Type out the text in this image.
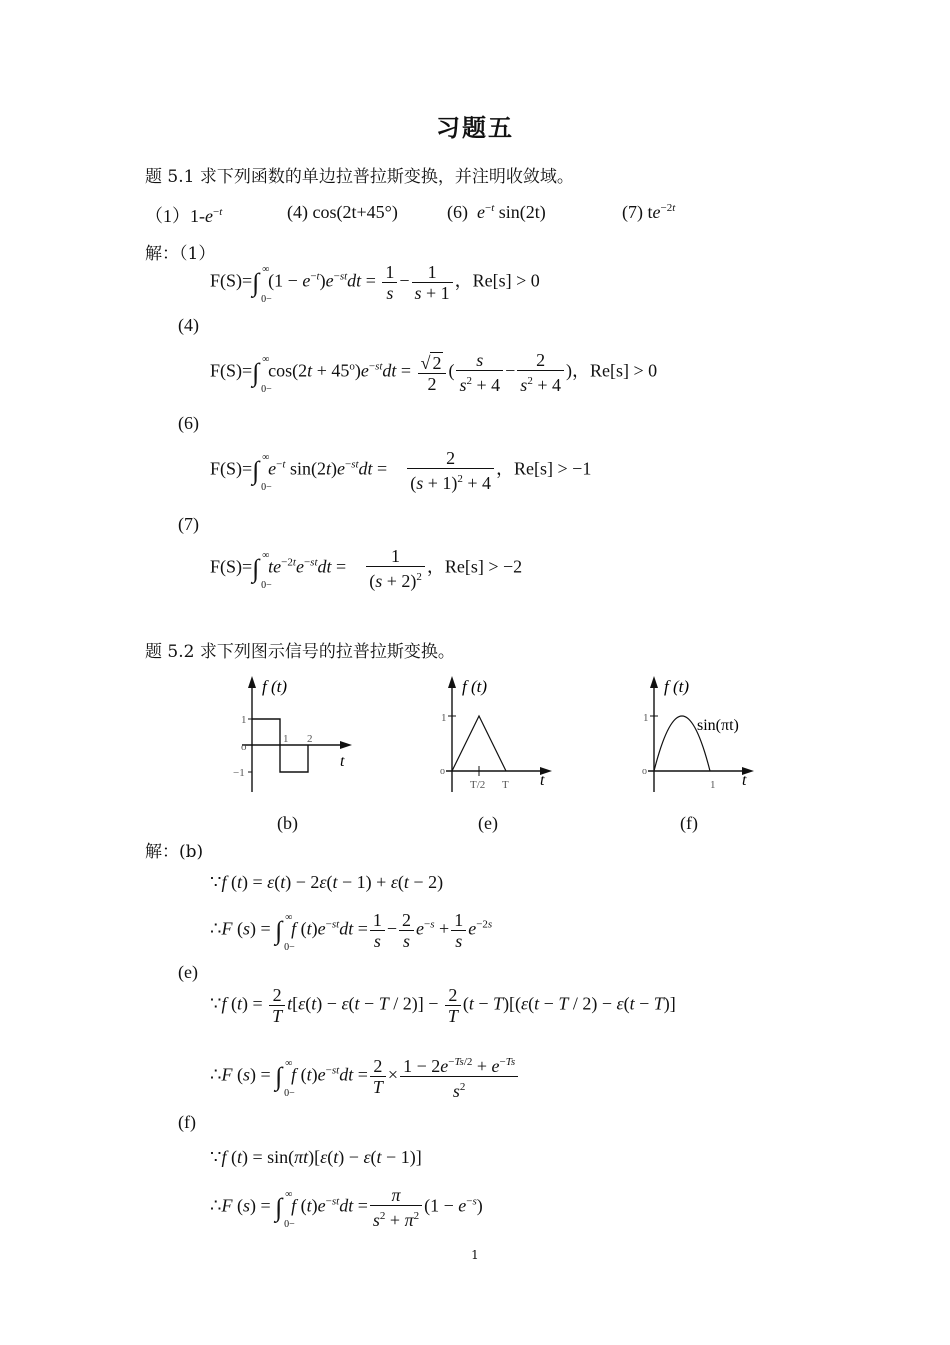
习题五
题 5.1 求下列函数的单边拉普拉斯变换，并注明收敛域。
$(1)1-e^{-t}$	(4) cos(2t+45°)	(6) $e^{-t}$ sin(2t)	(7) $te^{-2t}$
解：（1）
F(S)=∫ ∞
0−
$(1 - e^{-t})e^{-st}dt = \frac{1}{s} - \frac{1}{s + 1}$ ，Re[s] > 0
(4)
F(S)=∫ ∞
0−
$\cos(2t + 45^o)e^{-st}dt = \frac{√ 2}{2}$ ( $\frac{s}{s^2 + 4} - \frac{2}{s^2 + 4}$ )，Re[s] > 0
(6)
F(S)=∫ ∞
0−
$e^{-t}$ $\sin(2t)e^{-st}dt = \frac{2}{(s + 1)^2 + 4}$ ，Re[s] > −1
(7)
F(S)=∫ ∞
0−
$te^{-2t}e^{-st}dt = \frac{1}{(s + 2)^2}$ ，Re[s] > −2
题 5.2 求下列图示信号的拉普拉斯变换。
f (t)
t
1 2
1
o
−1
f (t)
t
T/2 T
1
o
f (t)
t
sin(πt)
1
1
o
(b)	(e)	(f)
解：(b)
∵f (t) = ε(t) − 2ε(t − 1) + ε(t − 2)
∴F (s) = ∫ ∞
0−
f $(t)e^{-st}dt = \frac{1}{s} - \frac{2}{s} e^{-s} + \frac{1}{s} e^{-2s}$
(e)
∵f $(t) = \frac{2}{T} t[\varepsilon(t) - \varepsilon(t - T / 2)] - \frac{2}{T} (t - T)[(\varepsilon(t - T / 2) - \varepsilon(t - T)]$
∴F (s) = ∫ ∞
0−
f $(t)e^{-st}dt = \frac{2}{T} \times \frac{1 - 2e^{-Ts/2} + e^{-Ts}}{s^2}$
(f)
∵f (t) = sin(πt)[ε(t) − ε(t − 1)]
∴F (s) = ∫ ∞
0−
f $(t)e^{-st}dt = \frac{\pi}{s^2 + \pi^2} (1 - e^{-s})$
1
